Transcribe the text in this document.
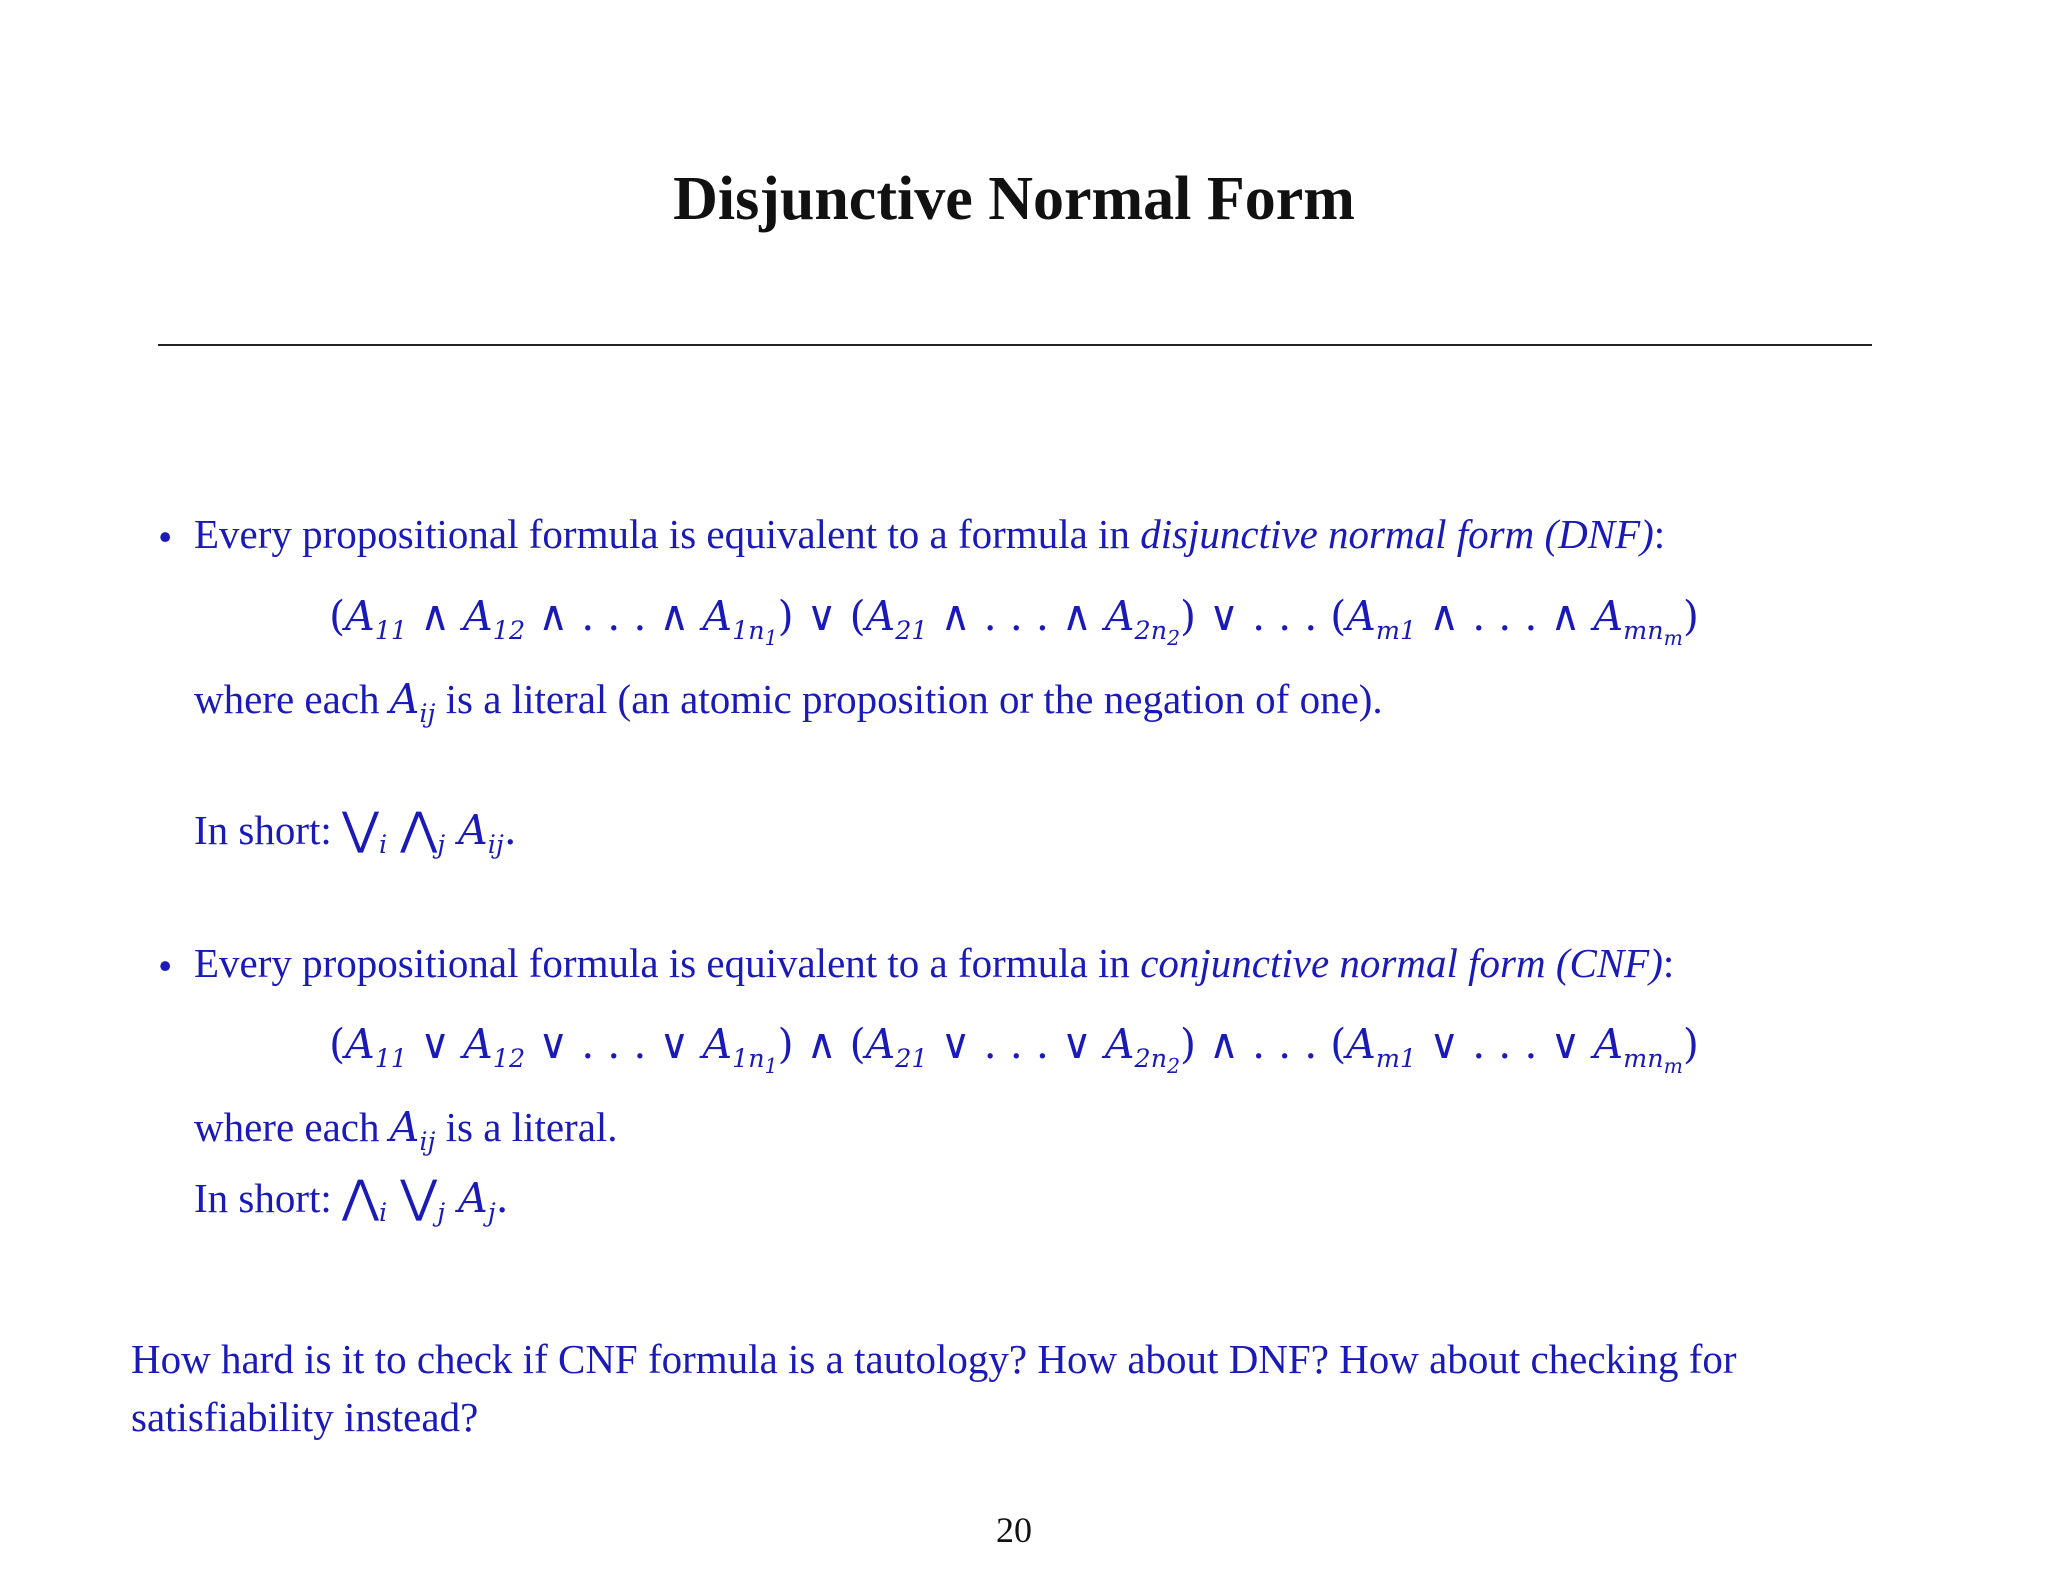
Disjunctive Normal Form
• Every propositional formula is equivalent to a formula in disjunctive normal form (DNF):
($A_{11}$ ∧ $A_{12}$ ∧ . . . ∧ $A_{1n_1}$) ∨ ($A_{21}$ ∧ . . . ∧ $A_{2n_2}$) ∨ . . . ($A_{m1}$ ∧ . . . ∧ $A_{mn_m}$)
where each $A_{ij}$ is a literal (an atomic proposition or the negation of one).
In short: $⋁_i$ $⋀_j$ $A_{ij}$.
• Every propositional formula is equivalent to a formula in conjunctive normal form (CNF):
($A_{11}$ ∨ $A_{12}$ ∨ . . . ∨ $A_{1n_1}$) ∧ ($A_{21}$ ∨ . . . ∨ $A_{2n_2}$) ∧ . . . ($A_{m1}$ ∨ . . . ∨ $A_{mn_m}$)
where each $A_{ij}$ is a literal.
In short: $⋀_i$ $⋁_j$ $A_j$.
How hard is it to check if CNF formula is a tautology? How about DNF? How about checking for satisfiability instead?
20
